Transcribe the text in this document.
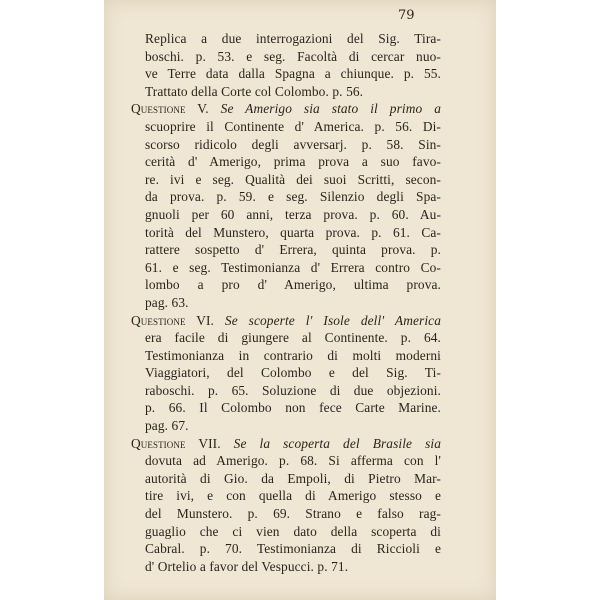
79
Replica a due interrogazioni del Sig. Tira-
boschi. p. 53. e seg. Facoltà di cercar nuo-
ve Terre data dalla Spagna a chiunque. p. 55.
Trattato della Corte col Colombo. p. 56.
Questione V. Se Amerigo sia stato il primo a
scuoprire il Continente d' America. p. 56. Di-
scorso ridicolo degli avversarj. p. 58. Sin-
cerità d' Amerigo, prima prova a suo favo-
re. ivi e seg. Qualità dei suoi Scritti, secon-
da prova. p. 59. e seg. Silenzio degli Spa-
gnuoli per 60 anni, terza prova. p. 60. Au-
torità del Munstero, quarta prova. p. 61. Ca-
rattere sospetto d' Errera, quinta prova. p.
61. e seg. Testimonianza d' Errera contro Co-
lombo a pro d' Amerigo, ultima prova.
pag. 63.
Questione VI. Se scoperte l' Isole dell' America
era facile di giungere al Continente. p. 64.
Testimonianza in contrario di molti moderni
Viaggiatori, del Colombo e del Sig. Ti-
raboschi. p. 65. Soluzione di due objezioni.
p. 66. Il Colombo non fece Carte Marine.
pag. 67.
Questione VII. Se la scoperta del Brasile sia
dovuta ad Amerigo. p. 68. Si afferma con l'
autorità di Gio. da Empoli, di Pietro Mar-
tire ivi, e con quella di Amerigo stesso e
del Munstero. p. 69. Strano e falso rag-
guaglio che ci vien dato della scoperta di
Cabral. p. 70. Testimonianza di Riccioli e
d' Ortelio a favor del Vespucci. p. 71.
